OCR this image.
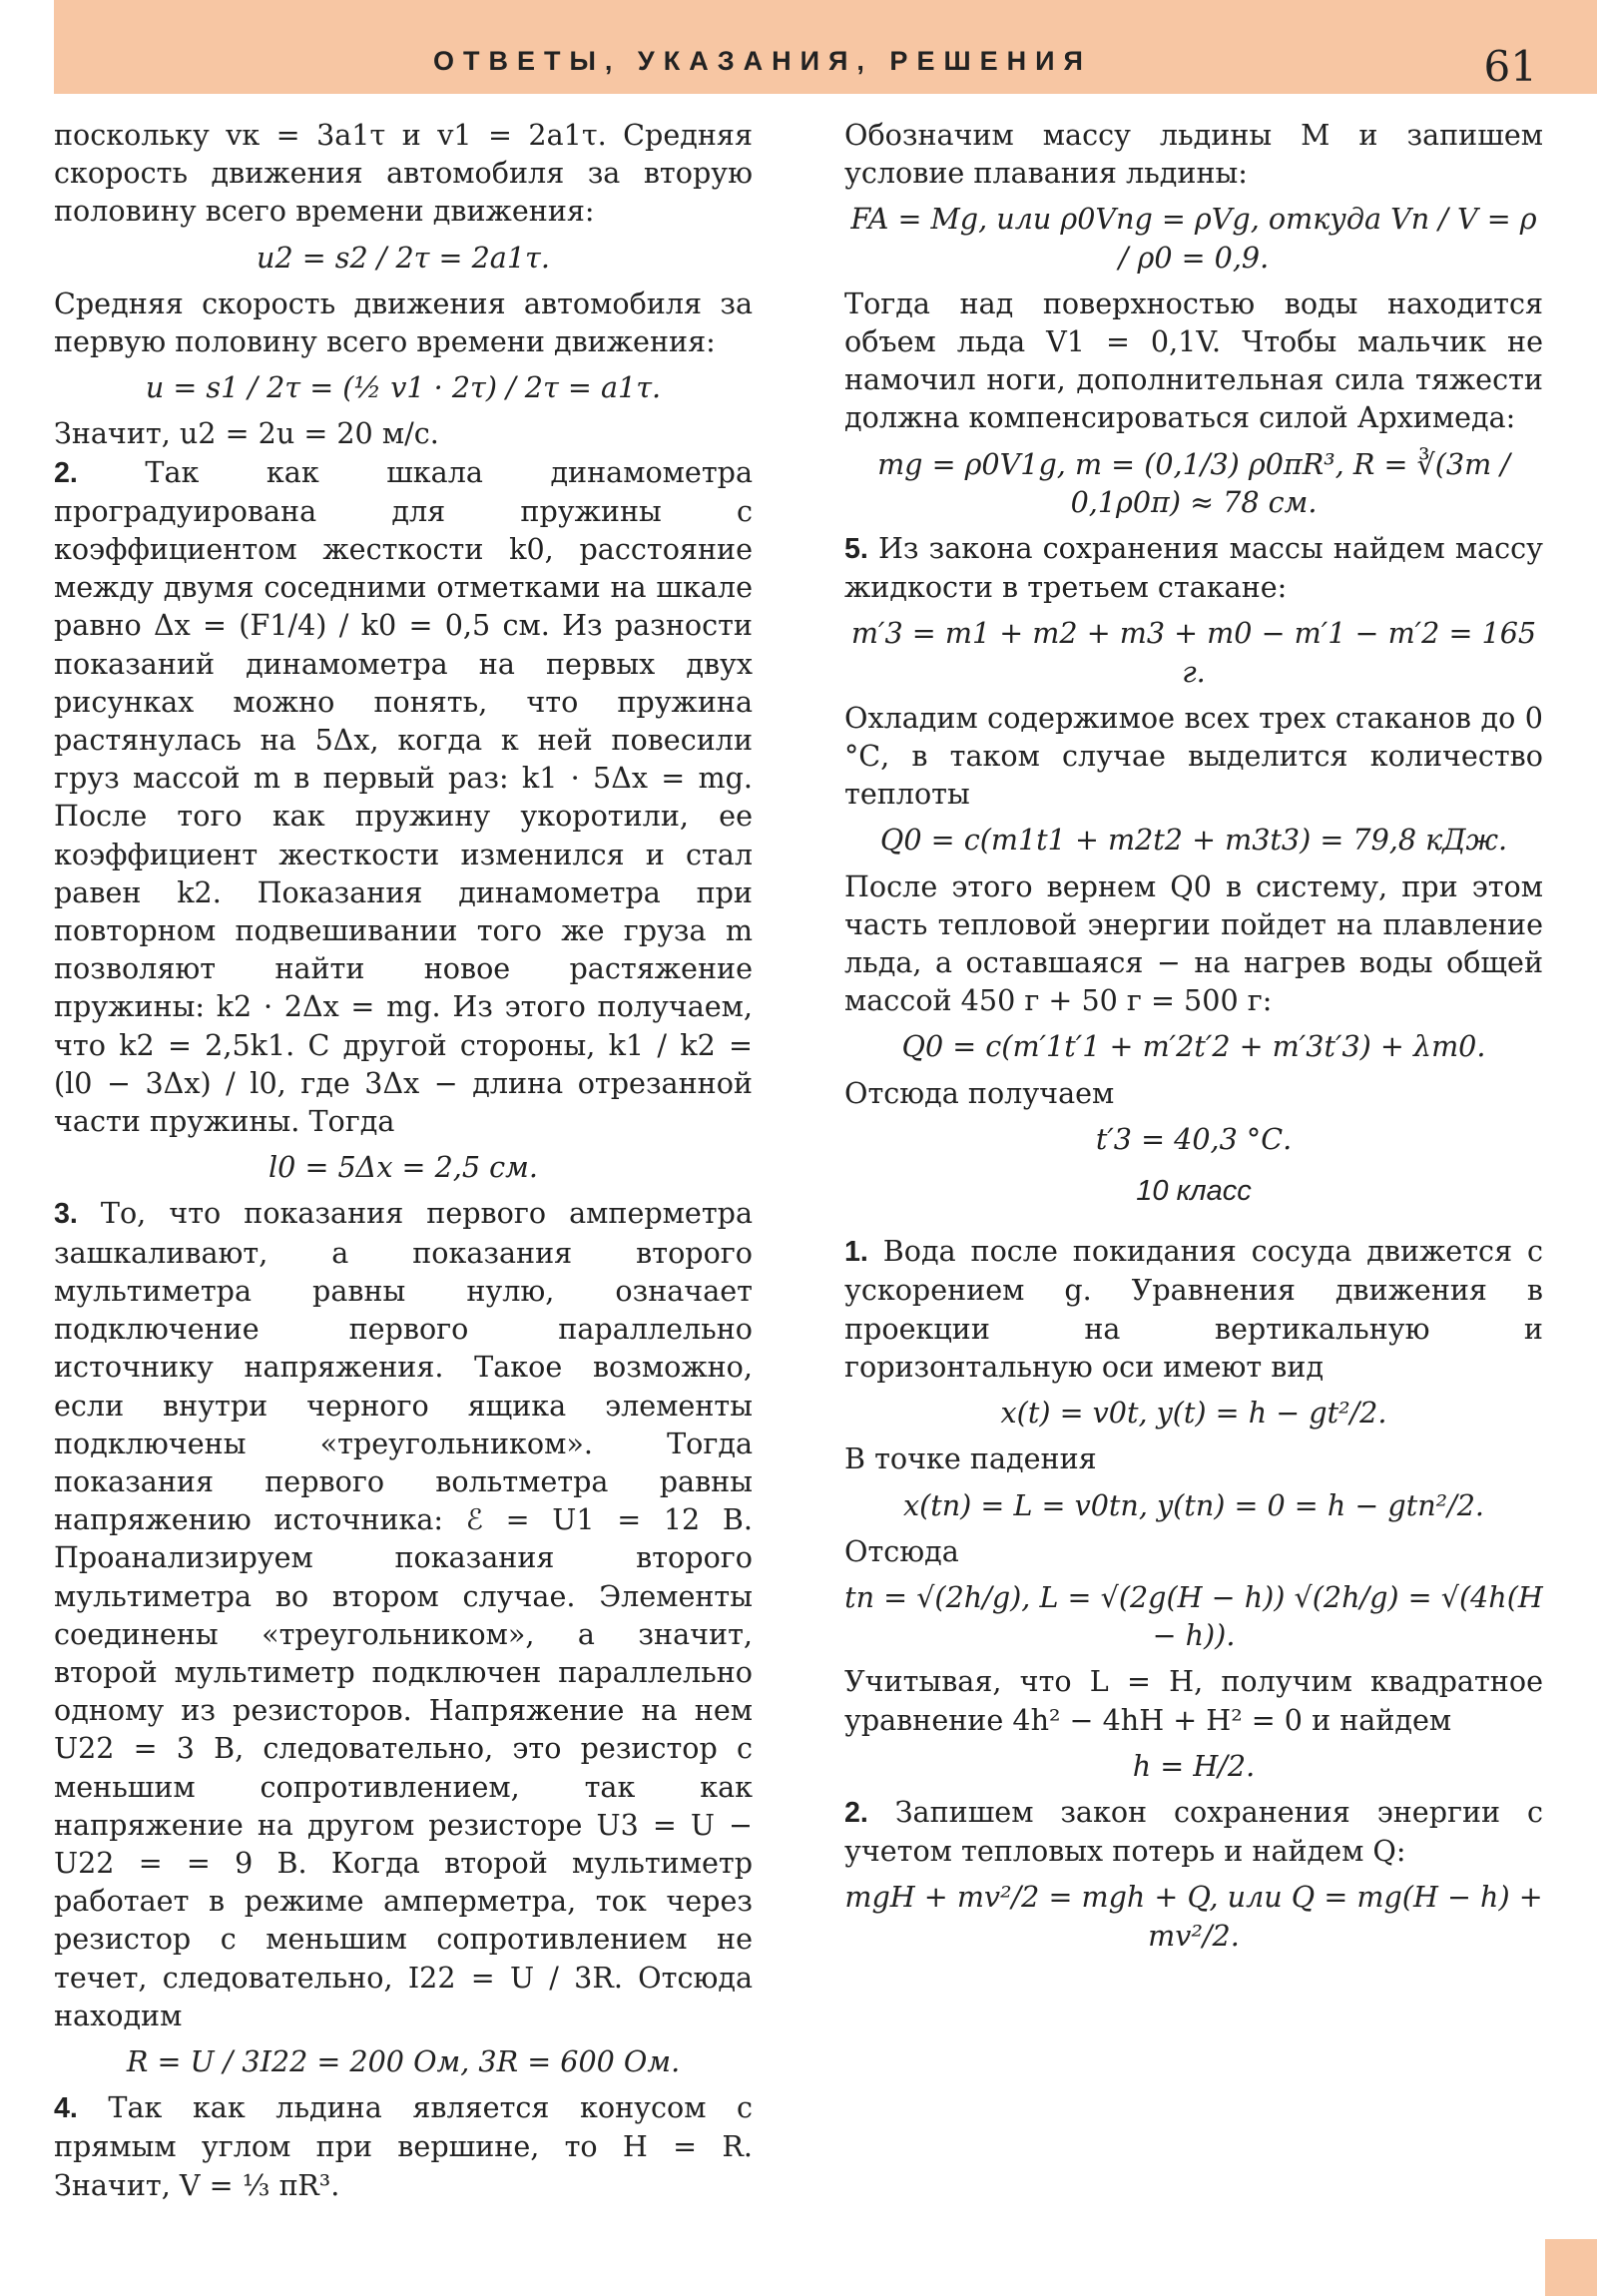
ОТВЕТЫ, УКАЗАНИЯ, РЕШЕНИЯ	61

поскольку vк = 3a1τ и v1 = 2a1τ. Средняя скорость движения автомобиля за вторую половину всего времени движения:

u2 = s2 / 2τ = 2a1τ.

Средняя скорость движения автомобиля за первую половину всего времени движения:

u = s1 / 2τ = (½ v1 · 2τ) / 2τ = a1τ.

Значит, u2 = 2u = 20 м/с.

2. Так как шкала динамометра проградуирована для пружины с коэффициентом жесткости k0, расстояние между двумя соседними отметками на шкале равно Δx = (F1/4) / k0 = 0,5 см. Из разности показаний динамометра на первых двух рисунках можно понять, что пружина растянулась на 5Δx, когда к ней повесили груз массой m в первый раз: k1 · 5Δx = mg. После того как пружину укоротили, ее коэффициент жесткости изменился и стал равен k2. Показания динамометра при повторном подвешивании того же груза m позволяют найти новое растяжение пружины: k2 · 2Δx = mg. Из этого получаем, что k2 = 2,5k1. С другой стороны, k1 / k2 = (l0 − 3Δx) / l0, где 3Δx − длина отрезанной части пружины. Тогда

l0 = 5Δx = 2,5 см.

3. То, что показания первого амперметра зашкаливают, а показания второго мультиметра равны нулю, означает подключение первого параллельно источнику напряжения. Такое возможно, если внутри черного ящика элементы подключены «треугольником». Тогда показания первого вольтметра равны напряжению источника: ℰ = U1 = 12 В. Проанализируем показания второго мультиметра во втором случае. Элементы соединены «треугольником», а значит, второй мультиметр подключен параллельно одному из резисторов. Напряжение на нем U22 = 3 В, следовательно, это резистор с меньшим сопротивлением, так как напряжение на другом резисторе U3 = U − U22 = = 9 В. Когда второй мультиметр работает в режиме амперметра, ток через резистор с меньшим сопротивлением не течет, следовательно, I22 = U / 3R. Отсюда находим

R = U / 3I22 = 200 Ом, 3R = 600 Ом.

4. Так как льдина является конусом с прямым углом при вершине, то H = R. Значит, V = ⅓ πR³.

Обозначим массу льдины M и запишем условие плавания льдины:

FA = Mg, или ρ0Vпg = ρVg, откуда Vп / V = ρ / ρ0 = 0,9.

Тогда над поверхностью воды находится объем льда V1 = 0,1V. Чтобы мальчик не намочил ноги, дополнительная сила тяжести должна компенсироваться силой Архимеда:

mg = ρ0V1g, m = (0,1/3) ρ0πR³, R = ∛(3m / 0,1ρ0π) ≈ 78 см.

5. Из закона сохранения массы найдем массу жидкости в третьем стакане:

m′3 = m1 + m2 + m3 + m0 − m′1 − m′2 = 165 г.

Охладим содержимое всех трех стаканов до 0 °С, в таком случае выделится количество теплоты

Q0 = c(m1t1 + m2t2 + m3t3) = 79,8 кДж.

После этого вернем Q0 в систему, при этом часть тепловой энергии пойдет на плавление льда, а оставшаяся − на нагрев воды общей массой 450 г + 50 г = 500 г:

Q0 = c(m′1t′1 + m′2t′2 + m′3t′3) + λm0.

Отсюда получаем

t′3 = 40,3 °С.
10 класс

1. Вода после покидания сосуда движется с ускорением g. Уравнения движения в проекции на вертикальную и горизонтальную оси имеют вид

x(t) = v0t, y(t) = h − gt²/2.

В точке падения

x(tп) = L = v0tп, y(tп) = 0 = h − gtп²/2.

Отсюда

tп = √(2h/g), L = √(2g(H − h)) √(2h/g) = √(4h(H − h)).

Учитывая, что L = H, получим квадратное уравнение 4h² − 4hH + H² = 0 и найдем

h = H/2.

2. Запишем закон сохранения энергии с учетом тепловых потерь и найдем Q:

mgH + mv²/2 = mgh + Q, или Q = mg(H − h) + mv²/2.
